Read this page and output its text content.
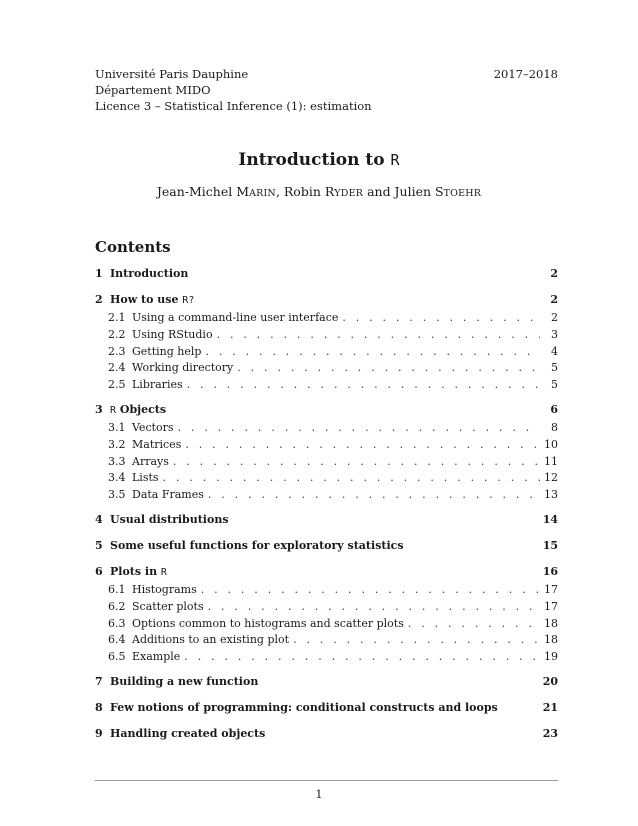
Université Paris Dauphine
Département MIDO
Licence 3 – Statistical Inference (1): estimation
2017–2018
Introduction to R
Jean-Michel MARIN, Robin RYDER and Julien STOEHR
Contents
1 Introduction	2
2 How to use R?	2
2.1 Using a command-line user interface . . .	2
2.2 Using RStudio . . .	3
2.3 Getting help . . .	4
2.4 Working directory . . .	5
2.5 Libraries . . .	5
3 R Objects	6
3.1 Vectors . . .	8
3.2 Matrices . . .	10
3.3 Arrays . . .	11
3.4 Lists . . .	12
3.5 Data Frames . . .	13
4 Usual distributions	14
5 Some useful functions for exploratory statistics	15
6 Plots in R	16
6.1 Histograms . . .	17
6.2 Scatter plots . . .	17
6.3 Options common to histograms and scatter plots . . .	18
6.4 Additions to an existing plot . . .	18
6.5 Example . . .	19
7 Building a new function	20
8 Few notions of programming: conditional constructs and loops	21
9 Handling created objects	23
1
